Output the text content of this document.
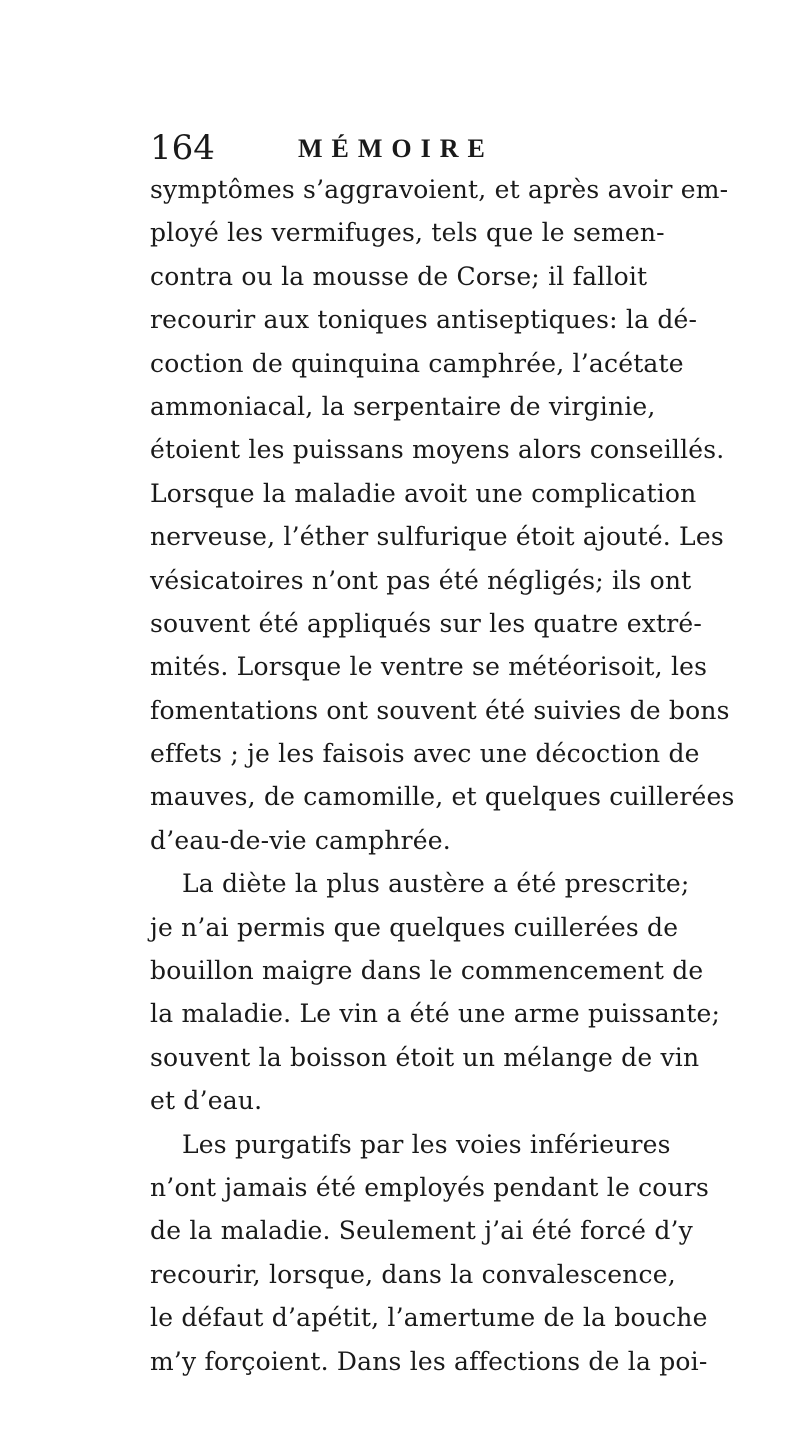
164	MÉMOIRE
symptômes s’aggravoient, et après avoir em-
ployé les vermifuges, tels que le semen-
contra ou la mousse de Corse; il falloit
recourir aux toniques antiseptiques: la dé-
coction de quinquina camphrée, l’acétate
ammoniacal, la serpentaire de virginie,
étoient les puissans moyens alors conseillés.
Lorsque la maladie avoit une complication
nerveuse, l’éther sulfurique étoit ajouté. Les
vésicatoires n’ont pas été négligés; ils ont
souvent été appliqués sur les quatre extré-
mités. Lorsque le ventre se météorisoit, les
fomentations ont souvent été suivies de bons
effets ; je les faisois avec une décoction de
mauves, de camomille, et quelques cuillerées
d’eau-de-vie camphrée.
La diète la plus austère a été prescrite;
je n’ai permis que quelques cuillerées de
bouillon maigre dans le commencement de
la maladie. Le vin a été une arme puissante;
souvent la boisson étoit un mélange de vin
et d’eau.
Les purgatifs par les voies inférieures
n’ont jamais été employés pendant le cours
de la maladie. Seulement j’ai été forcé d’y
recourir, lorsque, dans la convalescence,
le défaut d’apétit, l’amertume de la bouche
m’y forçoient. Dans les affections de la poi-
